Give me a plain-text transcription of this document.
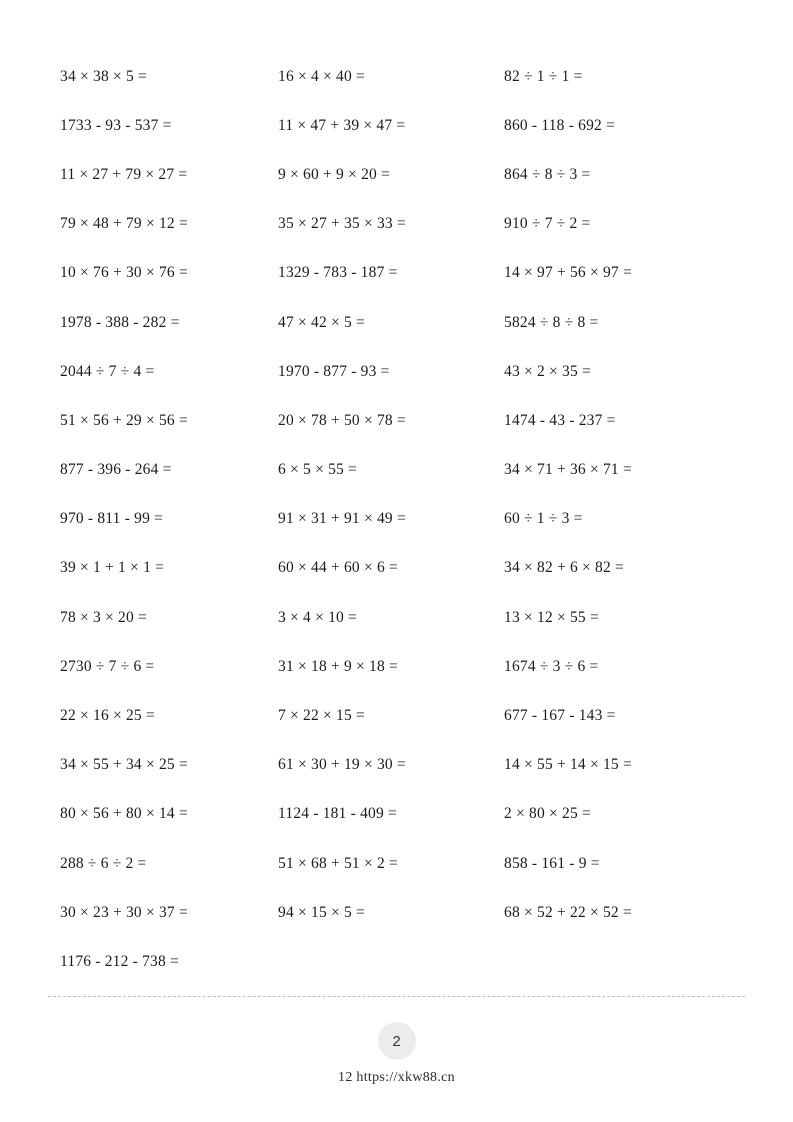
34 × 38 × 5 =	16 × 4 × 40 =	82 ÷ 1 ÷ 1 =
1733 - 93 - 537 =	11 × 47 + 39 × 47 =	860 - 118 - 692 =
11 × 27 + 79 × 27 =	9 × 60 + 9 × 20 =	864 ÷ 8 ÷ 3 =
79 × 48 + 79 × 12 =	35 × 27 + 35 × 33 =	910 ÷ 7 ÷ 2 =
10 × 76 + 30 × 76 =	1329 - 783 - 187 =	14 × 97 + 56 × 97 =
1978 - 388 - 282 =	47 × 42 × 5 =	5824 ÷ 8 ÷ 8 =
2044 ÷ 7 ÷ 4 =	1970 - 877 - 93 =	43 × 2 × 35 =
51 × 56 + 29 × 56 =	20 × 78 + 50 × 78 =	1474 - 43 - 237 =
877 - 396 - 264 =	6 × 5 × 55 =	34 × 71 + 36 × 71 =
970 - 811 - 99 =	91 × 31 + 91 × 49 =	60 ÷ 1 ÷ 3 =
39 × 1 + 1 × 1 =	60 × 44 + 60 × 6 =	34 × 82 + 6 × 82 =
78 × 3 × 20 =	3 × 4 × 10 =	13 × 12 × 55 =
2730 ÷ 7 ÷ 6 =	31 × 18 + 9 × 18 =	1674 ÷ 3 ÷ 6 =
22 × 16 × 25 =	7 × 22 × 15 =	677 - 167 - 143 =
34 × 55 + 34 × 25 =	61 × 30 + 19 × 30 =	14 × 55 + 14 × 15 =
80 × 56 + 80 × 14 =	1124 - 181 - 409 =	2 × 80 × 25 =
288 ÷ 6 ÷ 2 =	51 × 68 + 51 × 2 =	858 - 161 - 9 =
30 × 23 + 30 × 37 =	94 × 15 × 5 =	68 × 52 + 22 × 52 =
1176 - 212 - 738 =
2
12 https://xkw88.cn
